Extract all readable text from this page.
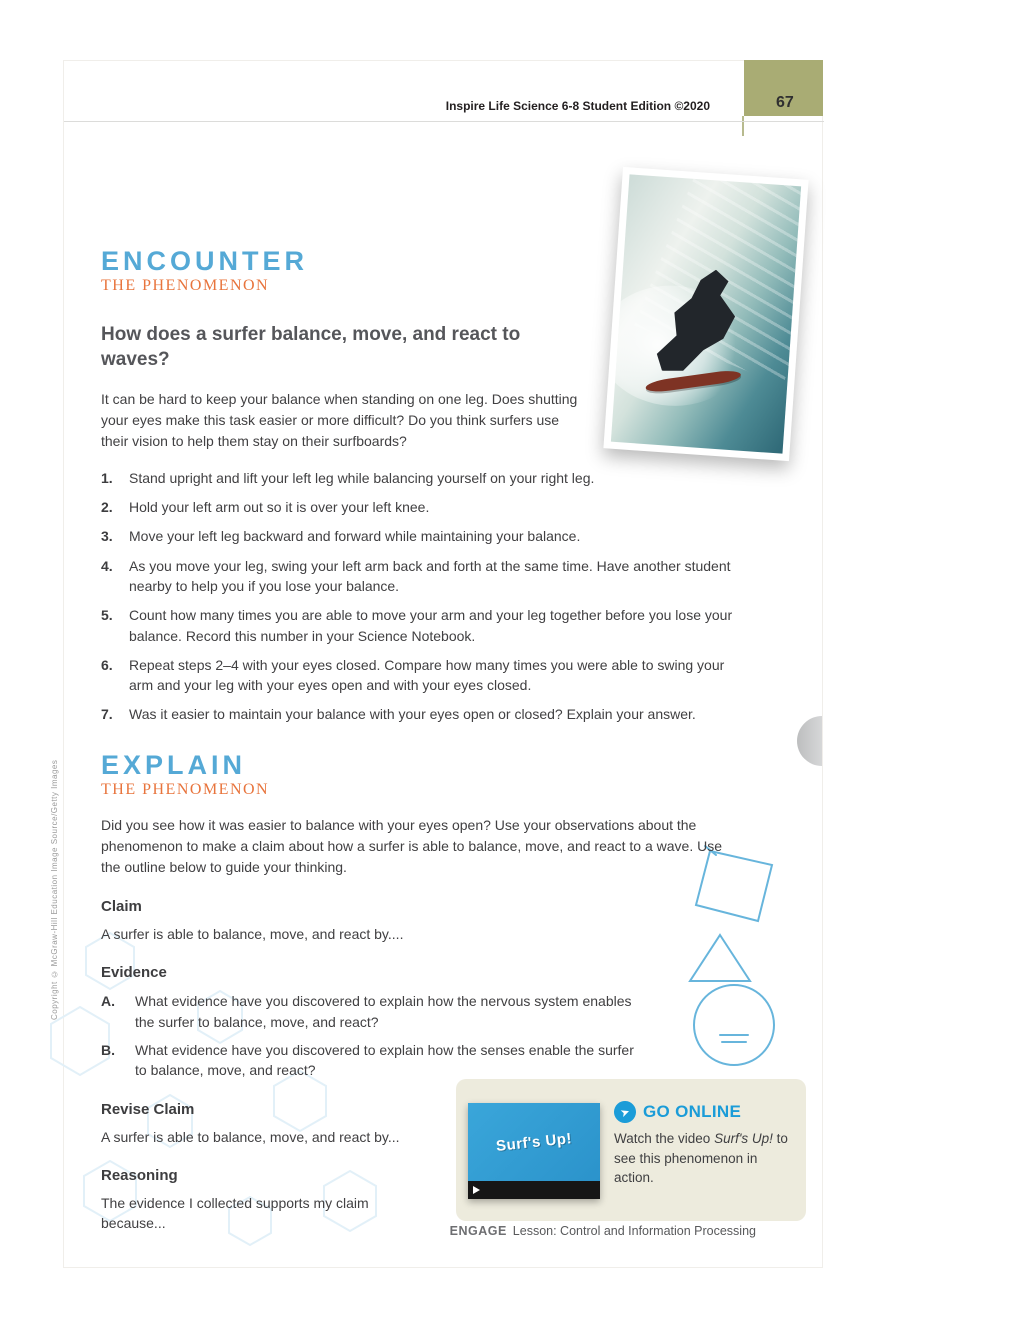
Inspire Life Science 6-8 Student Edition ©2020	67
ENCOUNTER
THE PHENOMENON
How does a surfer balance, move, and react to waves?
It can be hard to keep your balance when standing on one leg. Does shutting your eyes make this task easier or more difficult? Do you think surfers use their vision to help them stay on their surfboards?
1.	Stand upright and lift your left leg while balancing yourself on your right leg.
2.	Hold your left arm out so it is over your left knee.
3.	Move your left leg backward and forward while maintaining your balance.
4.	As you move your leg, swing your left arm back and forth at the same time. Have another student nearby to help you if you lose your balance.
5.	Count how many times you are able to move your arm and your leg together before you lose your balance. Record this number in your Science Notebook.
6.	Repeat steps 2–4 with your eyes closed. Compare how many times you were able to swing your arm and your leg with your eyes open and with your eyes closed.
7.	Was it easier to maintain your balance with your eyes open or closed? Explain your answer.
EXPLAIN
THE PHENOMENON
Did you see how it was easier to balance with your eyes open? Use your observations about the phenomenon to make a claim about how a surfer is able to balance, move, and react to a wave. Use the outline below to guide your thinking.
Claim
A surfer is able to balance, move, and react by....
Evidence
A.	What evidence have you discovered to explain how the nervous system enables the surfer to balance, move, and react?
B.	What evidence have you discovered to explain how the senses enable the surfer to balance, move, and react?
Revise Claim
A surfer is able to balance, move, and react by...
Reasoning
The evidence I collected supports my claim because...
Surf's Up!
➤ GO ONLINE
Watch the video Surf's Up! to see this phenomenon in action.
ENGAGE Lesson: Control and Information Processing
Copyright © McGraw-Hill Education Image Source/Getty Images
